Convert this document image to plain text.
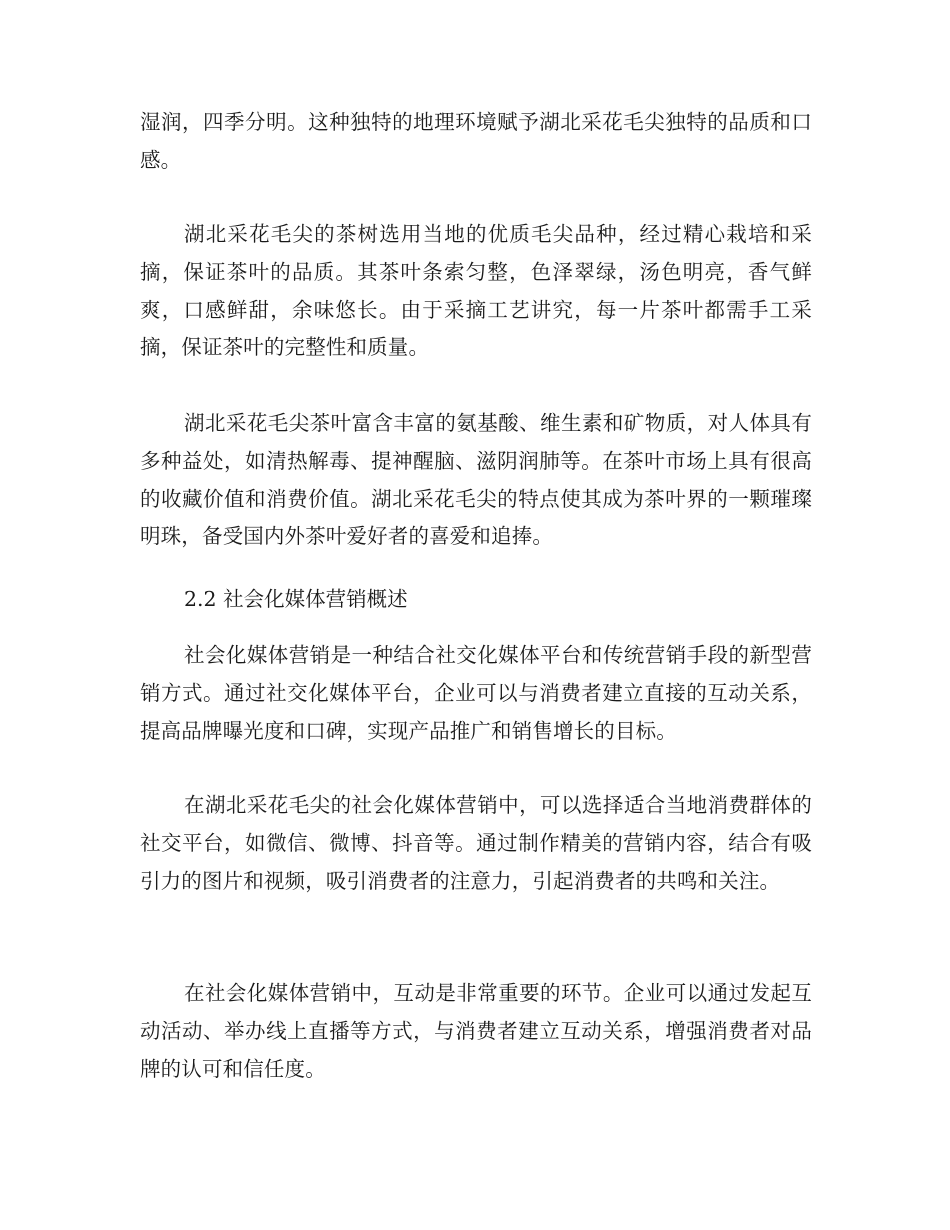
湿润，四季分明。这种独特的地理环境赋予湖北采花毛尖独特的品质和口感。

湖北采花毛尖的茶树选用当地的优质毛尖品种，经过精心栽培和采摘，保证茶叶的品质。其茶叶条索匀整，色泽翠绿，汤色明亮，香气鲜爽，口感鲜甜，余味悠长。由于采摘工艺讲究，每一片茶叶都需手工采摘，保证茶叶的完整性和质量。

湖北采花毛尖茶叶富含丰富的氨基酸、维生素和矿物质，对人体具有多种益处，如清热解毒、提神醒脑、滋阴润肺等。在茶叶市场上具有很高的收藏价值和消费价值。湖北采花毛尖的特点使其成为茶叶界的一颗璀璨明珠，备受国内外茶叶爱好者的喜爱和追捧。

2.2 社会化媒体营销概述

社会化媒体营销是一种结合社交化媒体平台和传统营销手段的新型营销方式。通过社交化媒体平台，企业可以与消费者建立直接的互动关系，提高品牌曝光度和口碑，实现产品推广和销售增长的目标。

在湖北采花毛尖的社会化媒体营销中，可以选择适合当地消费群体的社交平台，如微信、微博、抖音等。通过制作精美的营销内容，结合有吸引力的图片和视频，吸引消费者的注意力，引起消费者的共鸣和关注。

在社会化媒体营销中，互动是非常重要的环节。企业可以通过发起互动活动、举办线上直播等方式，与消费者建立互动关系，增强消费者对品牌的认可和信任度。
